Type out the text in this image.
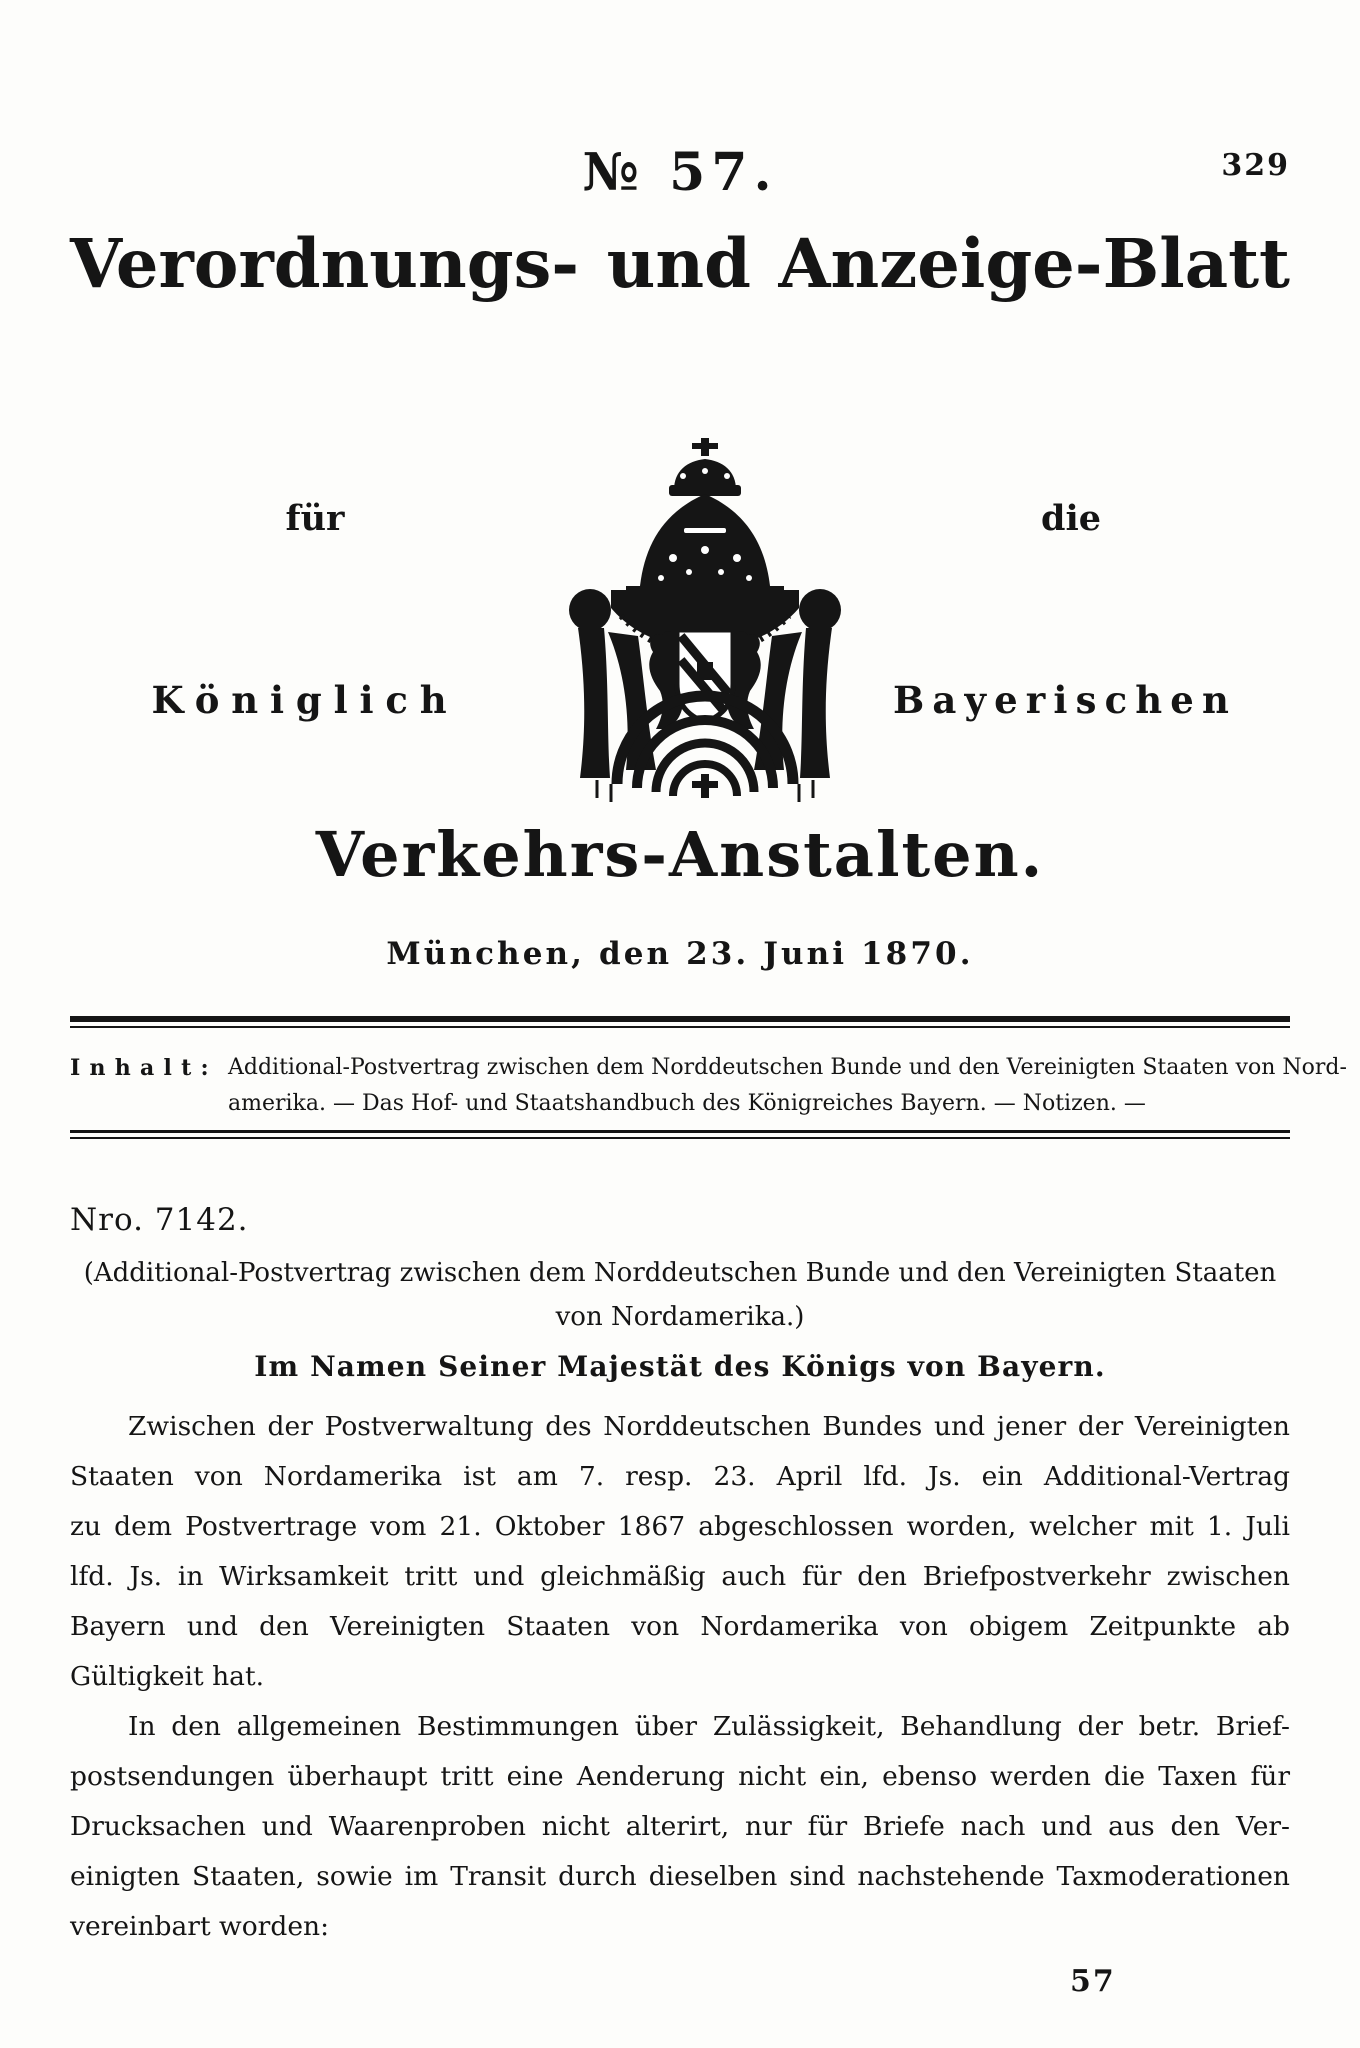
№ 57.	329
Verordnungs- und Anzeige-Blatt
für	die
Königlich	Bayerischen
Verkehrs-Anstalten.
München, den 23. Juni 1870.
Inhalt: Additional-Postvertrag zwischen dem Norddeutschen Bunde und den Vereinigten Staaten von Nord-
amerika. — Das Hof- und Staatshandbuch des Königreiches Bayern. — Notizen. —
Nro. 7142.
(Additional-Postvertrag zwischen dem Norddeutschen Bunde und den Vereinigten Staaten
von Nordamerika.)
Im Namen Seiner Majestät des Königs von Bayern.
Zwischen der Postverwaltung des Norddeutschen Bundes und jener der Vereinigten
Staaten von Nordamerika ist am 7. resp. 23. April lfd. Js. ein Additional-Vertrag
zu dem Postvertrage vom 21. Oktober 1867 abgeschlossen worden, welcher mit 1. Juli
lfd. Js. in Wirksamkeit tritt und gleichmäßig auch für den Briefpostverkehr zwischen
Bayern und den Vereinigten Staaten von Nordamerika von obigem Zeitpunkte ab
Gültigkeit hat.
In den allgemeinen Bestimmungen über Zulässigkeit, Behandlung der betr. Brief-
postsendungen überhaupt tritt eine Aenderung nicht ein, ebenso werden die Taxen für
Drucksachen und Waarenproben nicht alterirt, nur für Briefe nach und aus den Ver-
einigten Staaten, sowie im Transit durch dieselben sind nachstehende Taxmoderationen
vereinbart worden:
57
